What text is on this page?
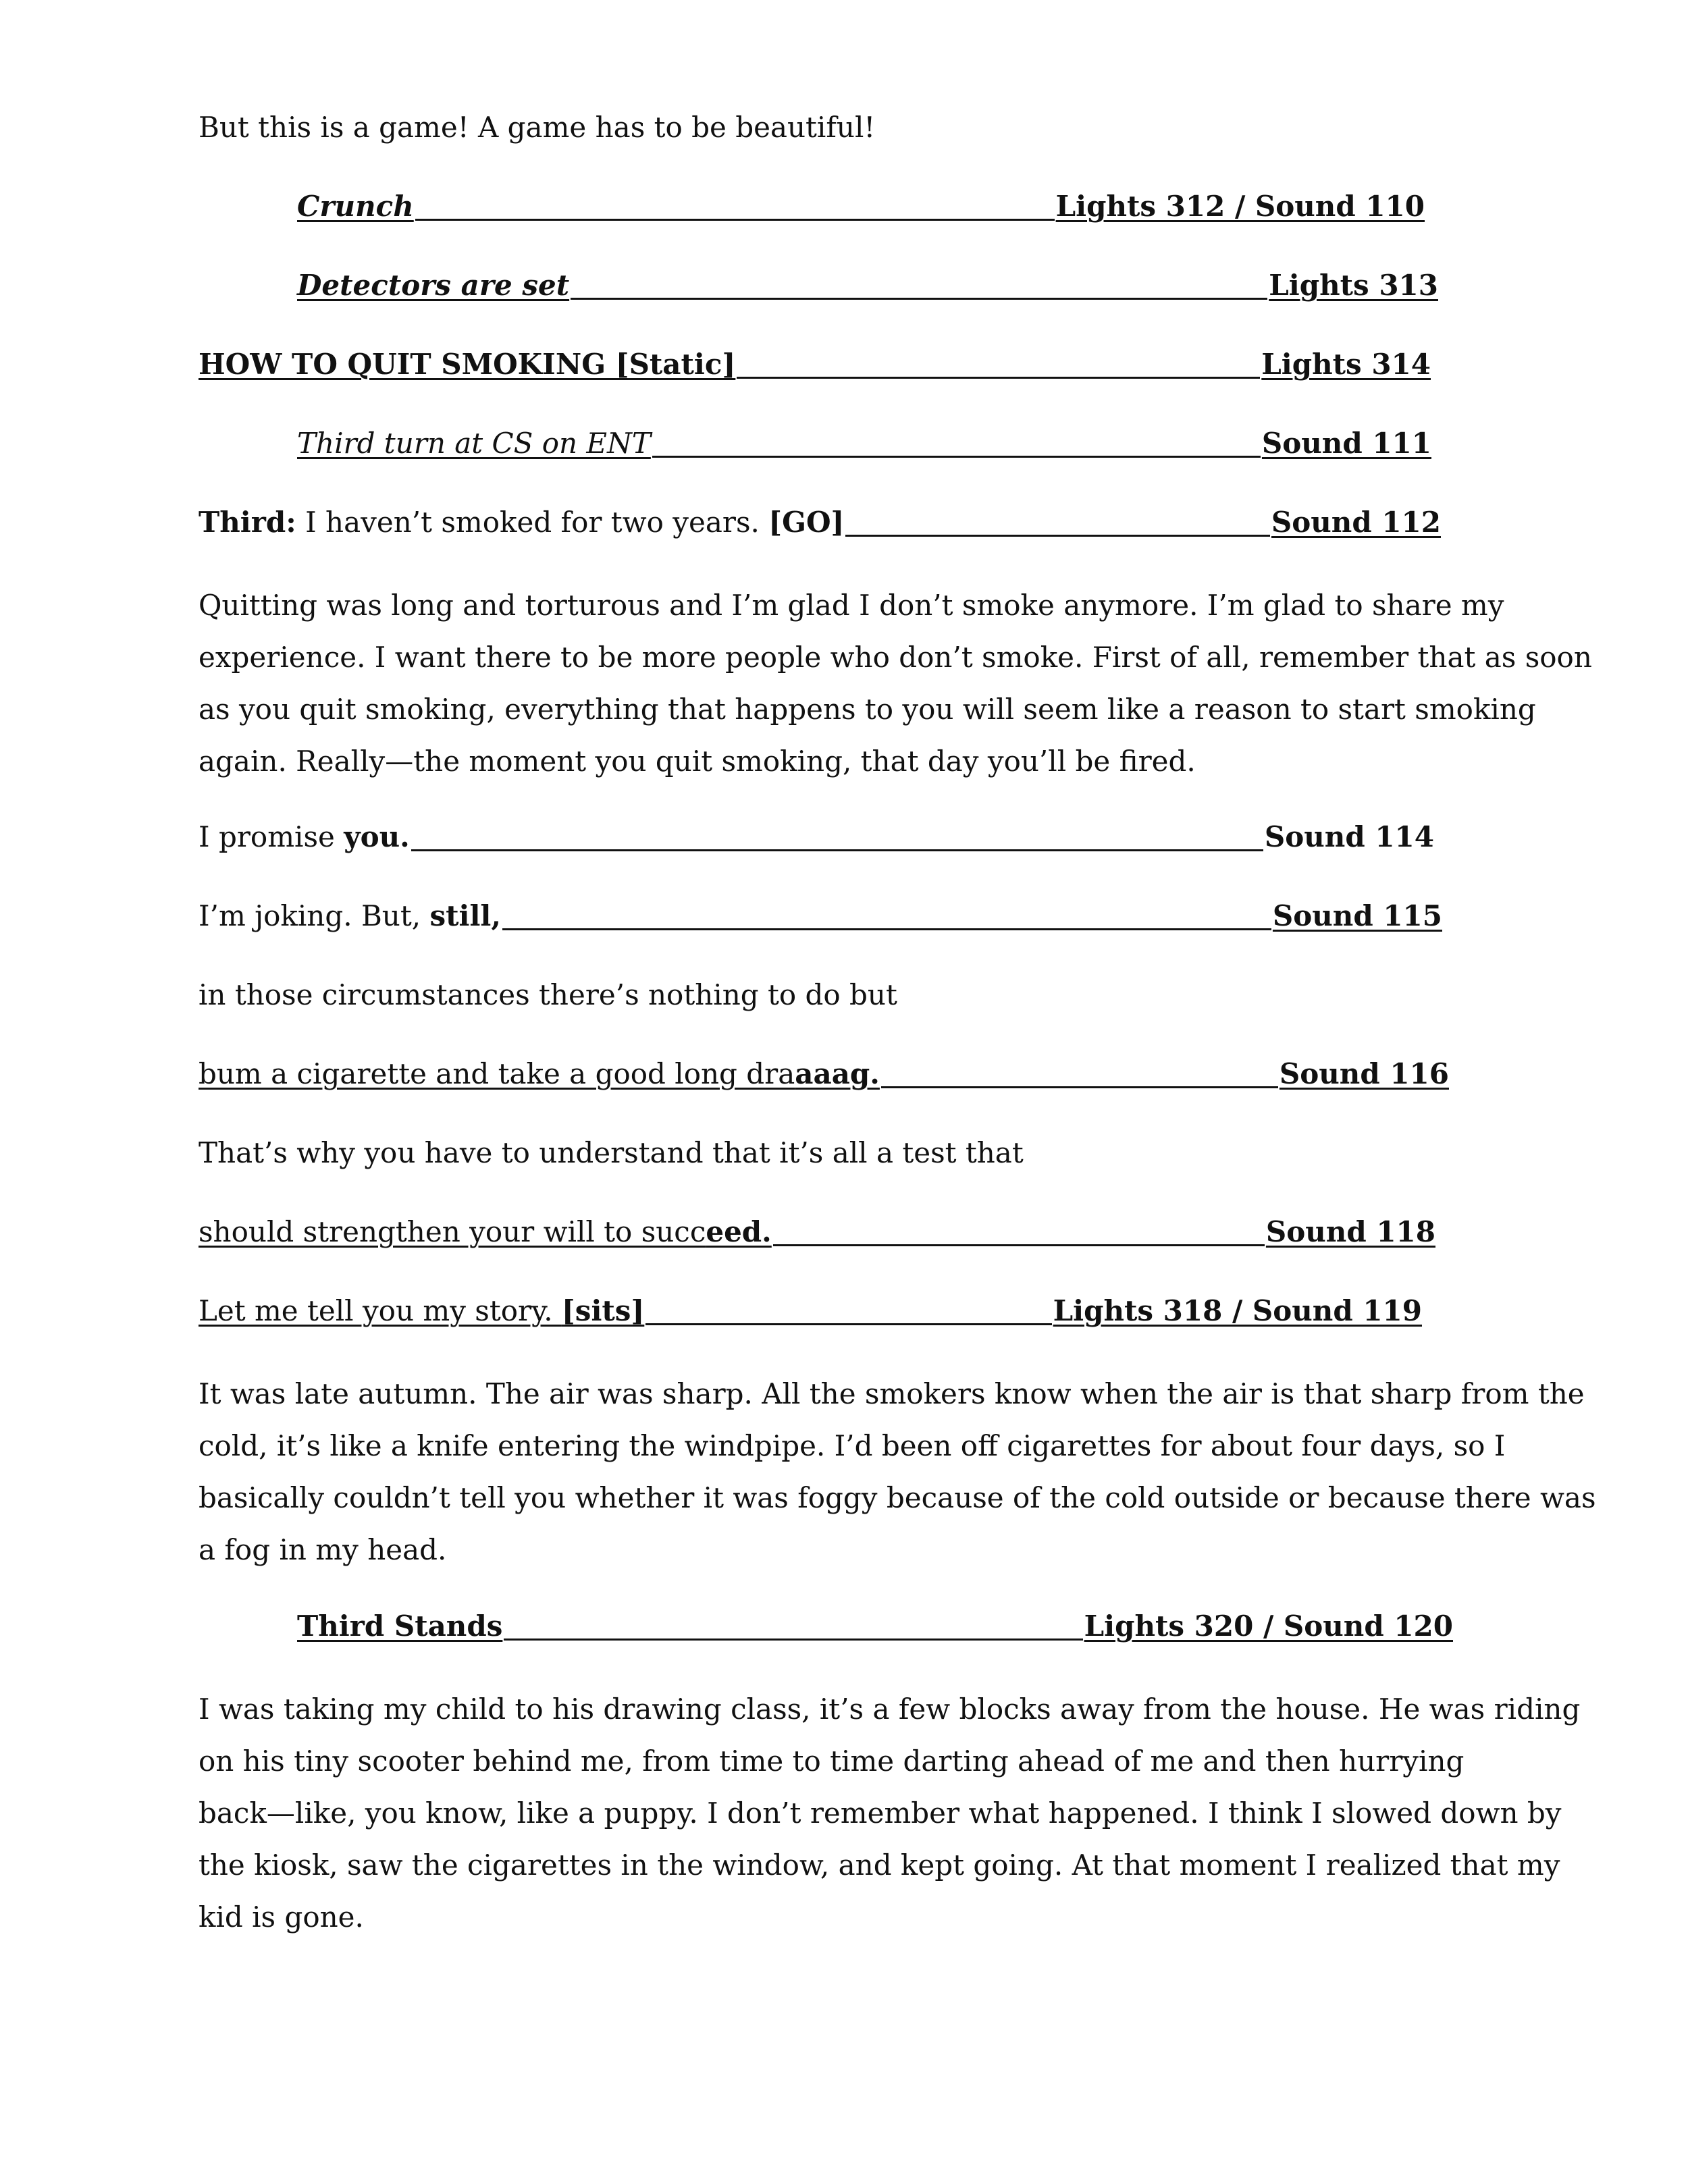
But this is a game! A game has to be beautiful!
Crunch	Lights 312 / Sound 110
Detectors are set	Lights 313
HOW TO QUIT SMOKING [Static]	Lights 314
Third turn at CS on ENT	Sound 111
Third: I haven’t smoked for two years. [GO]	Sound 112
Quitting was long and torturous and I’m glad I don’t smoke anymore. I’m glad to share my
experience. I want there to be more people who don’t smoke. First of all, remember that as soon
as you quit smoking, everything that happens to you will seem like a reason to start smoking
again. Really—the moment you quit smoking, that day you’ll be fired.
I promise you.	Sound 114
I’m joking. But, still,	Sound 115
in those circumstances there’s nothing to do but
bum a cigarette and take a good long dra aaag.	Sound 116
That’s why you have to understand that it’s all a test that
should strengthen your will to succ eed.	Sound 118
Let me tell you my story. [sits]	Lights 318 / Sound 119
It was late autumn. The air was sharp. All the smokers know when the air is that sharp from the
cold, it’s like a knife entering the windpipe. I’d been off cigarettes for about four days, so I
basically couldn’t tell you whether it was foggy because of the cold outside or because there was
a fog in my head.
Third Stands	Lights 320 / Sound 120
I was taking my child to his drawing class, it’s a few blocks away from the house. He was riding
on his tiny scooter behind me, from time to time darting ahead of me and then hurrying
back—like, you know, like a puppy. I don’t remember what happened. I think I slowed down by
the kiosk, saw the cigarettes in the window, and kept going. At that moment I realized that my
kid is gone.
